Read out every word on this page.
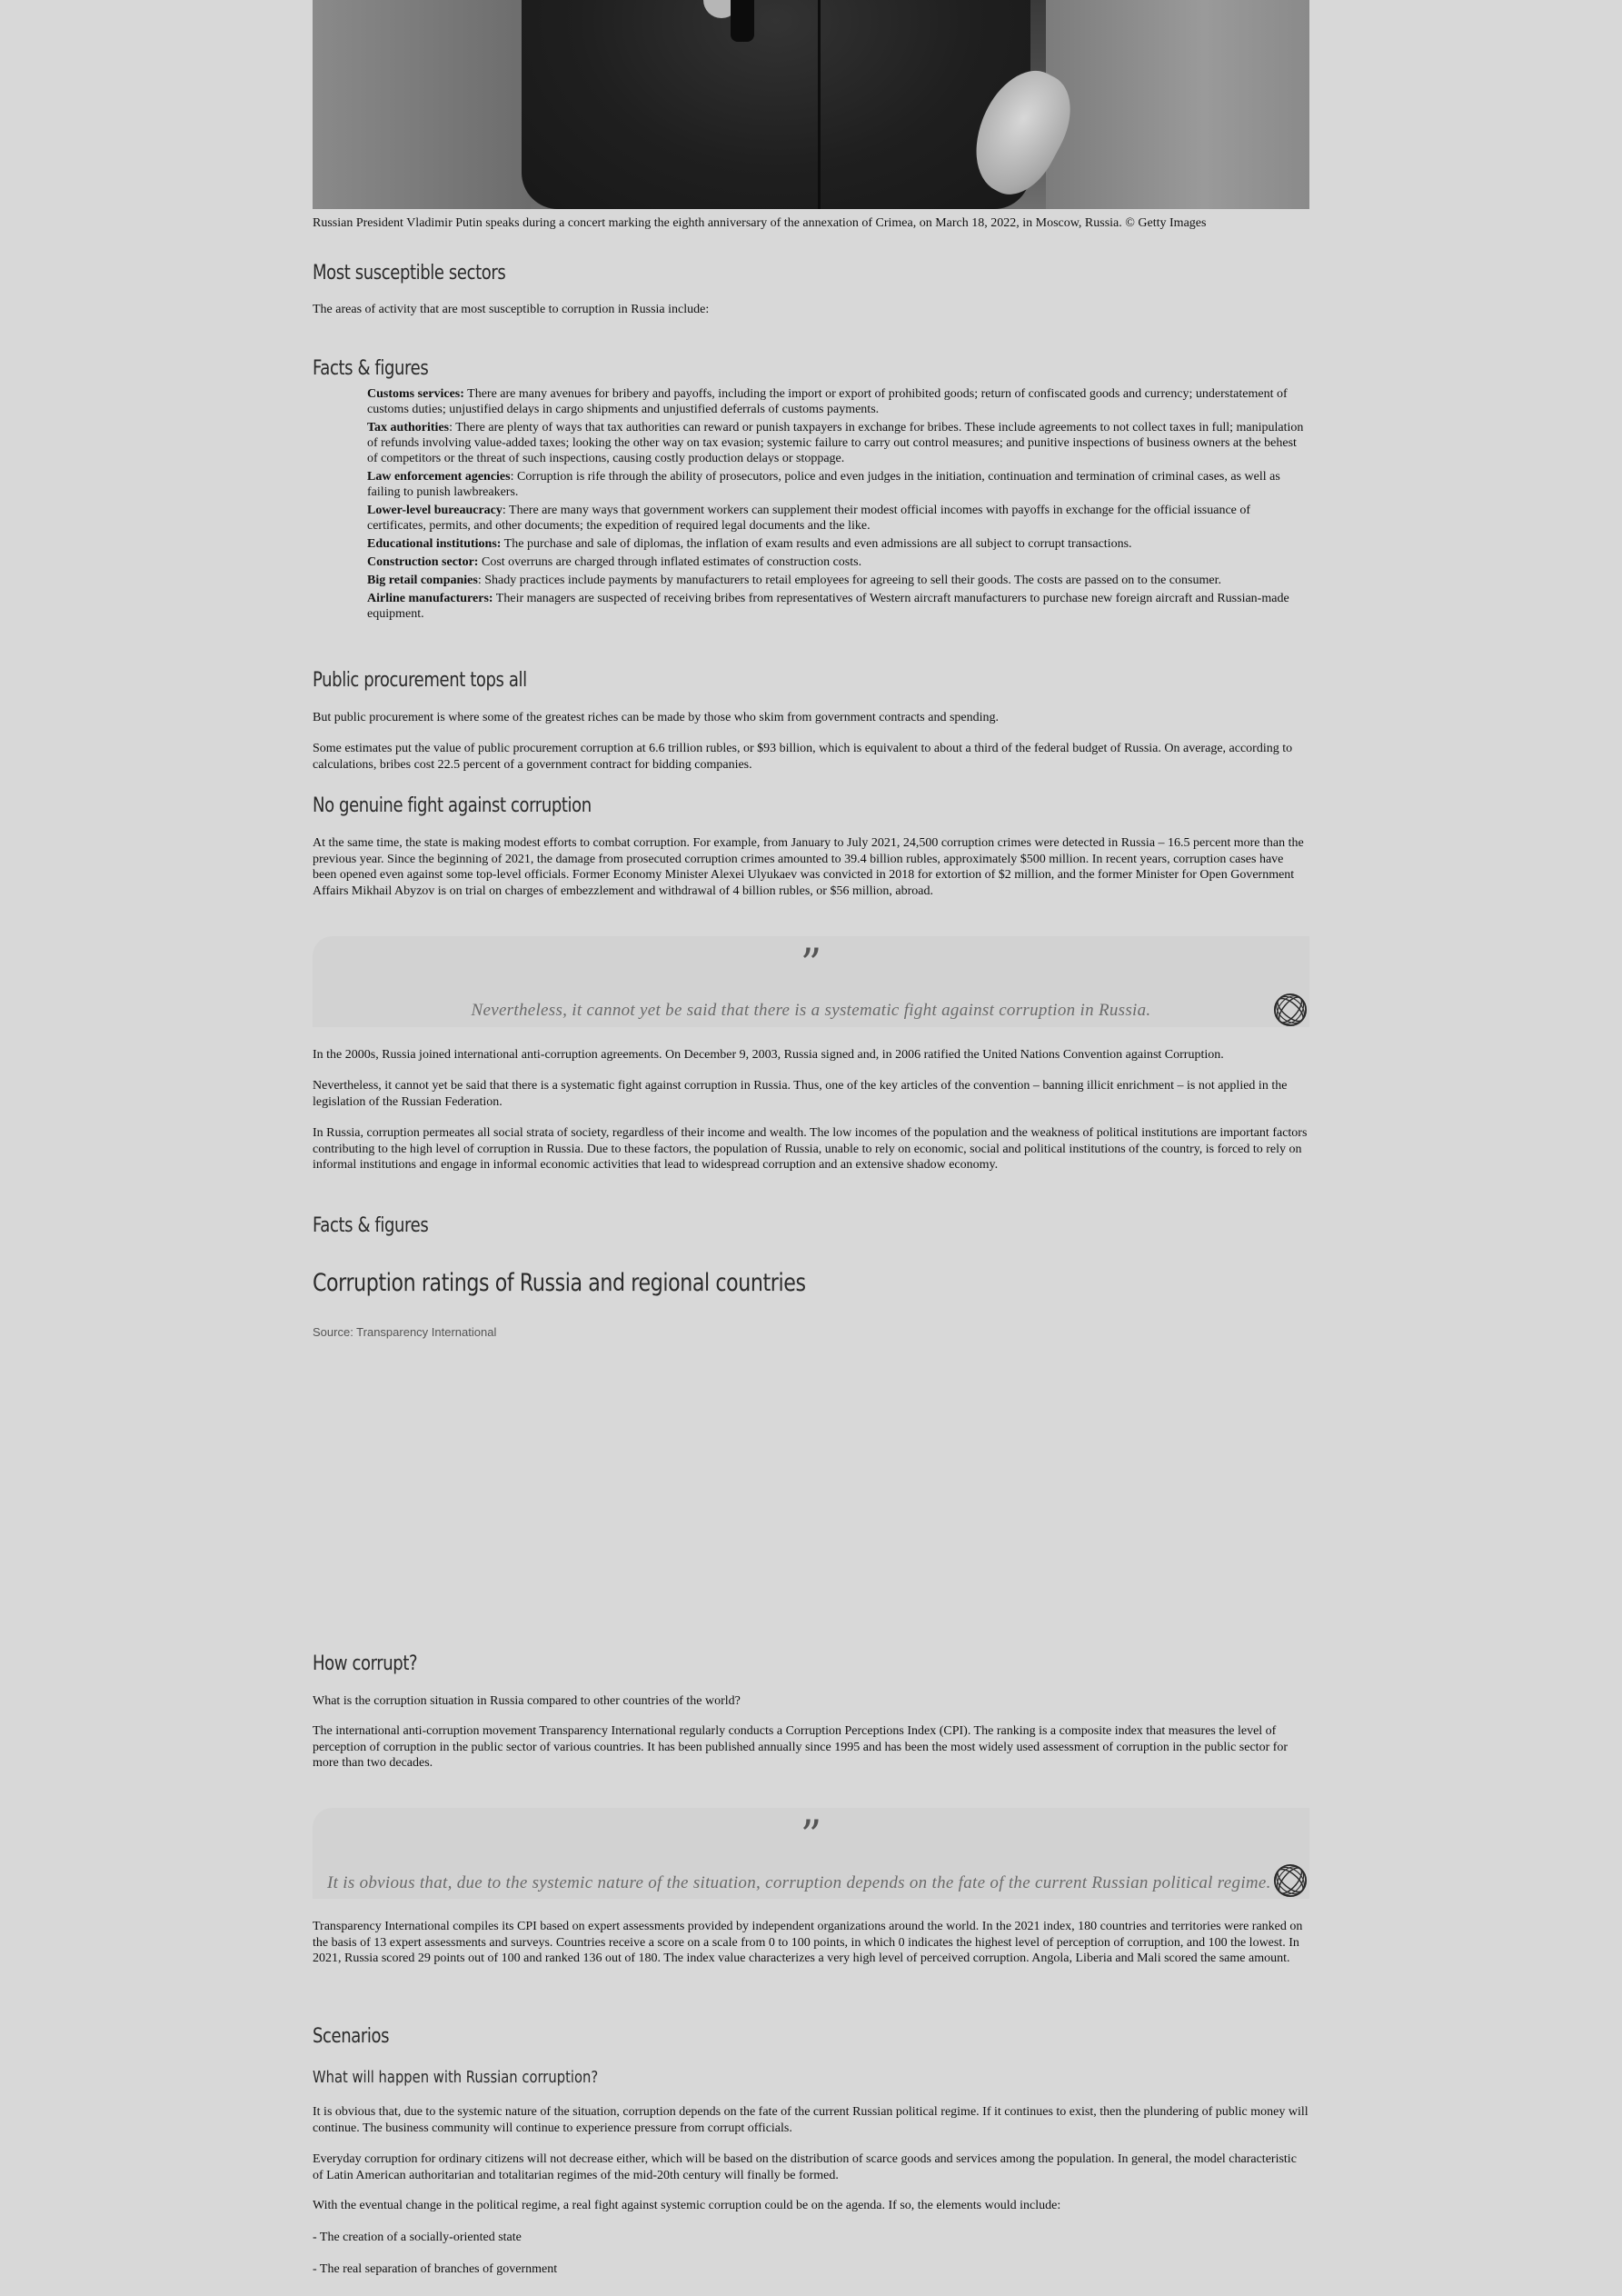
Russian President Vladimir Putin speaks during a concert marking the eighth anniversary of the annexation of Crimea, on March 18, 2022, in Moscow, Russia. © Getty Images

Most susceptible sectors

The areas of activity that are most susceptible to corruption in Russia include:

Facts & figures
Customs services: There are many avenues for bribery and payoffs, including the import or export of prohibited goods; return of confiscated goods and currency; understatement of customs duties; unjustified delays in cargo shipments and unjustified deferrals of customs payments.
Tax authorities: There are plenty of ways that tax authorities can reward or punish taxpayers in exchange for bribes. These include agreements to not collect taxes in full; manipulation of refunds involving value-added taxes; looking the other way on tax evasion; systemic failure to carry out control measures; and punitive inspections of business owners at the behest of competitors or the threat of such inspections, causing costly production delays or stoppage.
Law enforcement agencies: Corruption is rife through the ability of prosecutors, police and even judges in the initiation, continuation and termination of criminal cases, as well as failing to punish lawbreakers.
Lower-level bureaucracy: There are many ways that government workers can supplement their modest official incomes with payoffs in exchange for the official issuance of certificates, permits, and other documents; the expedition of required legal documents and the like.
Educational institutions: The purchase and sale of diplomas, the inflation of exam results and even admissions are all subject to corrupt transactions.
Construction sector: Cost overruns are charged through inflated estimates of construction costs.
Big retail companies: Shady practices include payments by manufacturers to retail employees for agreeing to sell their goods. The costs are passed on to the consumer.
Airline manufacturers: Their managers are suspected of receiving bribes from representatives of Western aircraft manufacturers to purchase new foreign aircraft and Russian-made equipment.
Public procurement tops all

But public procurement is where some of the greatest riches can be made by those who skim from government contracts and spending.

Some estimates put the value of public procurement corruption at 6.6 trillion rubles, or $93 billion, which is equivalent to about a third of the federal budget of Russia. On average, according to calculations, bribes cost 22.5 percent of a government contract for bidding companies.

No genuine fight against corruption

At the same time, the state is making modest efforts to combat corruption. For example, from January to July 2021, 24,500 corruption crimes were detected in Russia – 16.5 percent more than the previous year. Since the beginning of 2021, the damage from prosecuted corruption crimes amounted to 39.4 billion rubles, approximately $500 million. In recent years, corruption cases have been opened even against some top-level officials. Former Economy Minister Alexei Ulyukaev was convicted in 2018 for extortion of $2 million, and the former Minister for Open Government Affairs Mikhail Abyzov is on trial on charges of embezzlement and withdrawal of 4 billion rubles, or $56 million, abroad.

”
Nevertheless, it cannot yet be said that there is a systematic fight against corruption in Russia.

In the 2000s, Russia joined international anti-corruption agreements. On December 9, 2003, Russia signed and, in 2006 ratified the United Nations Convention against Corruption.

Nevertheless, it cannot yet be said that there is a systematic fight against corruption in Russia. Thus, one of the key articles of the convention – banning illicit enrichment – is not applied in the legislation of the Russian Federation.

In Russia, corruption permeates all social strata of society, regardless of their income and wealth. The low incomes of the population and the weakness of political institutions are important factors contributing to the high level of corruption in Russia. Due to these factors, the population of Russia, unable to rely on economic, social and political institutions of the country, is forced to rely on informal institutions and engage in informal economic activities that lead to widespread corruption and an extensive shadow economy.

Facts & figures
Corruption ratings of Russia and regional countries
Source: Transparency International
How corrupt?

What is the corruption situation in Russia compared to other countries of the world?

The international anti-corruption movement Transparency International regularly conducts a Corruption Perceptions Index (CPI). The ranking is a composite index that measures the level of perception of corruption in the public sector of various countries. It has been published annually since 1995 and has been the most widely used assessment of corruption in the public sector for more than two decades.

”
It is obvious that, due to the systemic nature of the situation, corruption depends on the fate of the current Russian political regime.

Transparency International compiles its CPI based on expert assessments provided by independent organizations around the world. In the 2021 index, 180 countries and territories were ranked on the basis of 13 expert assessments and surveys. Countries receive a score on a scale from 0 to 100 points, in which 0 indicates the highest level of perception of corruption, and 100 the lowest. In 2021, Russia scored 29 points out of 100 and ranked 136 out of 180. The index value characterizes a very high level of perceived corruption. Angola, Liberia and Mali scored the same amount.

Scenarios
What will happen with Russian corruption?

It is obvious that, due to the systemic nature of the situation, corruption depends on the fate of the current Russian political regime. If it continues to exist, then the plundering of public money will continue. The business community will continue to experience pressure from corrupt officials.

Everyday corruption for ordinary citizens will not decrease either, which will be based on the distribution of scarce goods and services among the population. In general, the model characteristic of Latin American authoritarian and totalitarian regimes of the mid-20th century will finally be formed.

With the eventual change in the political regime, a real fight against systemic corruption could be on the agenda. If so, the elements would include:

- The creation of a socially-oriented state

- The real separation of branches of government
